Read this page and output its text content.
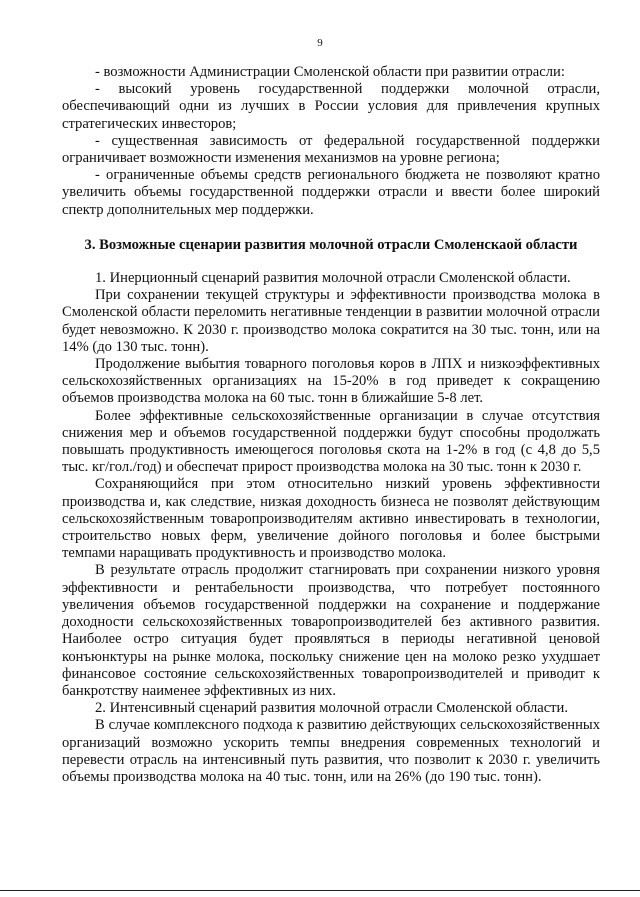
9

- возможности Администрации Смоленской области при развитии отрасли:

- высокий уровень государственной поддержки молочной отрасли, обеспечивающий одни из лучших в России условия для привлечения крупных стратегических инвесторов;

- существенная зависимость от федеральной государственной поддержки ограничивает возможности изменения механизмов на уровне региона;

- ограниченные объемы средств регионального бюджета не позволяют кратно увеличить объемы государственной поддержки отрасли и ввести более широкий спектр дополнительных мер поддержки.

3. Возможные сценарии развития молочной отрасли Смоленскаой области

1. Инерционный сценарий развития молочной отрасли Смоленской области.

При сохранении текущей структуры и эффективности производства молока в Смоленской области переломить негативные тенденции в развитии молочной отрасли будет невозможно. К 2030 г. производство молока сократится на 30 тыс. тонн, или на 14% (до 130 тыс. тонн).

Продолжение выбытия товарного поголовья коров в ЛПХ и низкоэффективных сельскохозяйственных организациях на 15-20% в год приведет к сокращению объемов производства молока на 60 тыс. тонн в ближайшие 5-8 лет.

Более эффективные сельскохозяйственные организации в случае отсутствия снижения мер и объемов государственной поддержки будут способны продолжать повышать продуктивность имеющегося поголовья скота на 1-2% в год (с 4,8 до 5,5 тыс. кг/гол./год) и обеспечат прирост производства молока на 30 тыс. тонн к 2030 г.

Сохраняющийся при этом относительно низкий уровень эффективности производства и, как следствие, низкая доходность бизнеса не позволят действующим сельскохозяйственным товаропроизводителям активно инвестировать в технологии, строительство новых ферм, увеличение дойного поголовья и более быстрыми темпами наращивать продуктивность и производство молока.

В результате отрасль продолжит стагнировать при сохранении низкого уровня эффективности и рентабельности производства, что потребует постоянного увеличения объемов государственной поддержки на сохранение и поддержание доходности сельскохозяйственных товаропроизводителей без активного развития. Наиболее остро ситуация будет проявляться в периоды негативной ценовой конъюнктуры на рынке молока, поскольку снижение цен на молоко резко ухудшает финансовое состояние сельскохозяйственных товаропроизводителей и приводит к банкротству наименее эффективных из них.

2. Интенсивный сценарий развития молочной отрасли Смоленской области.

В случае комплексного подхода к развитию действующих сельскохозяйственных организаций возможно ускорить темпы внедрения современных технологий и перевести отрасль на интенсивный путь развития, что позволит к 2030 г. увеличить объемы производства молока на 40 тыс. тонн, или на 26% (до 190 тыс. тонн).
